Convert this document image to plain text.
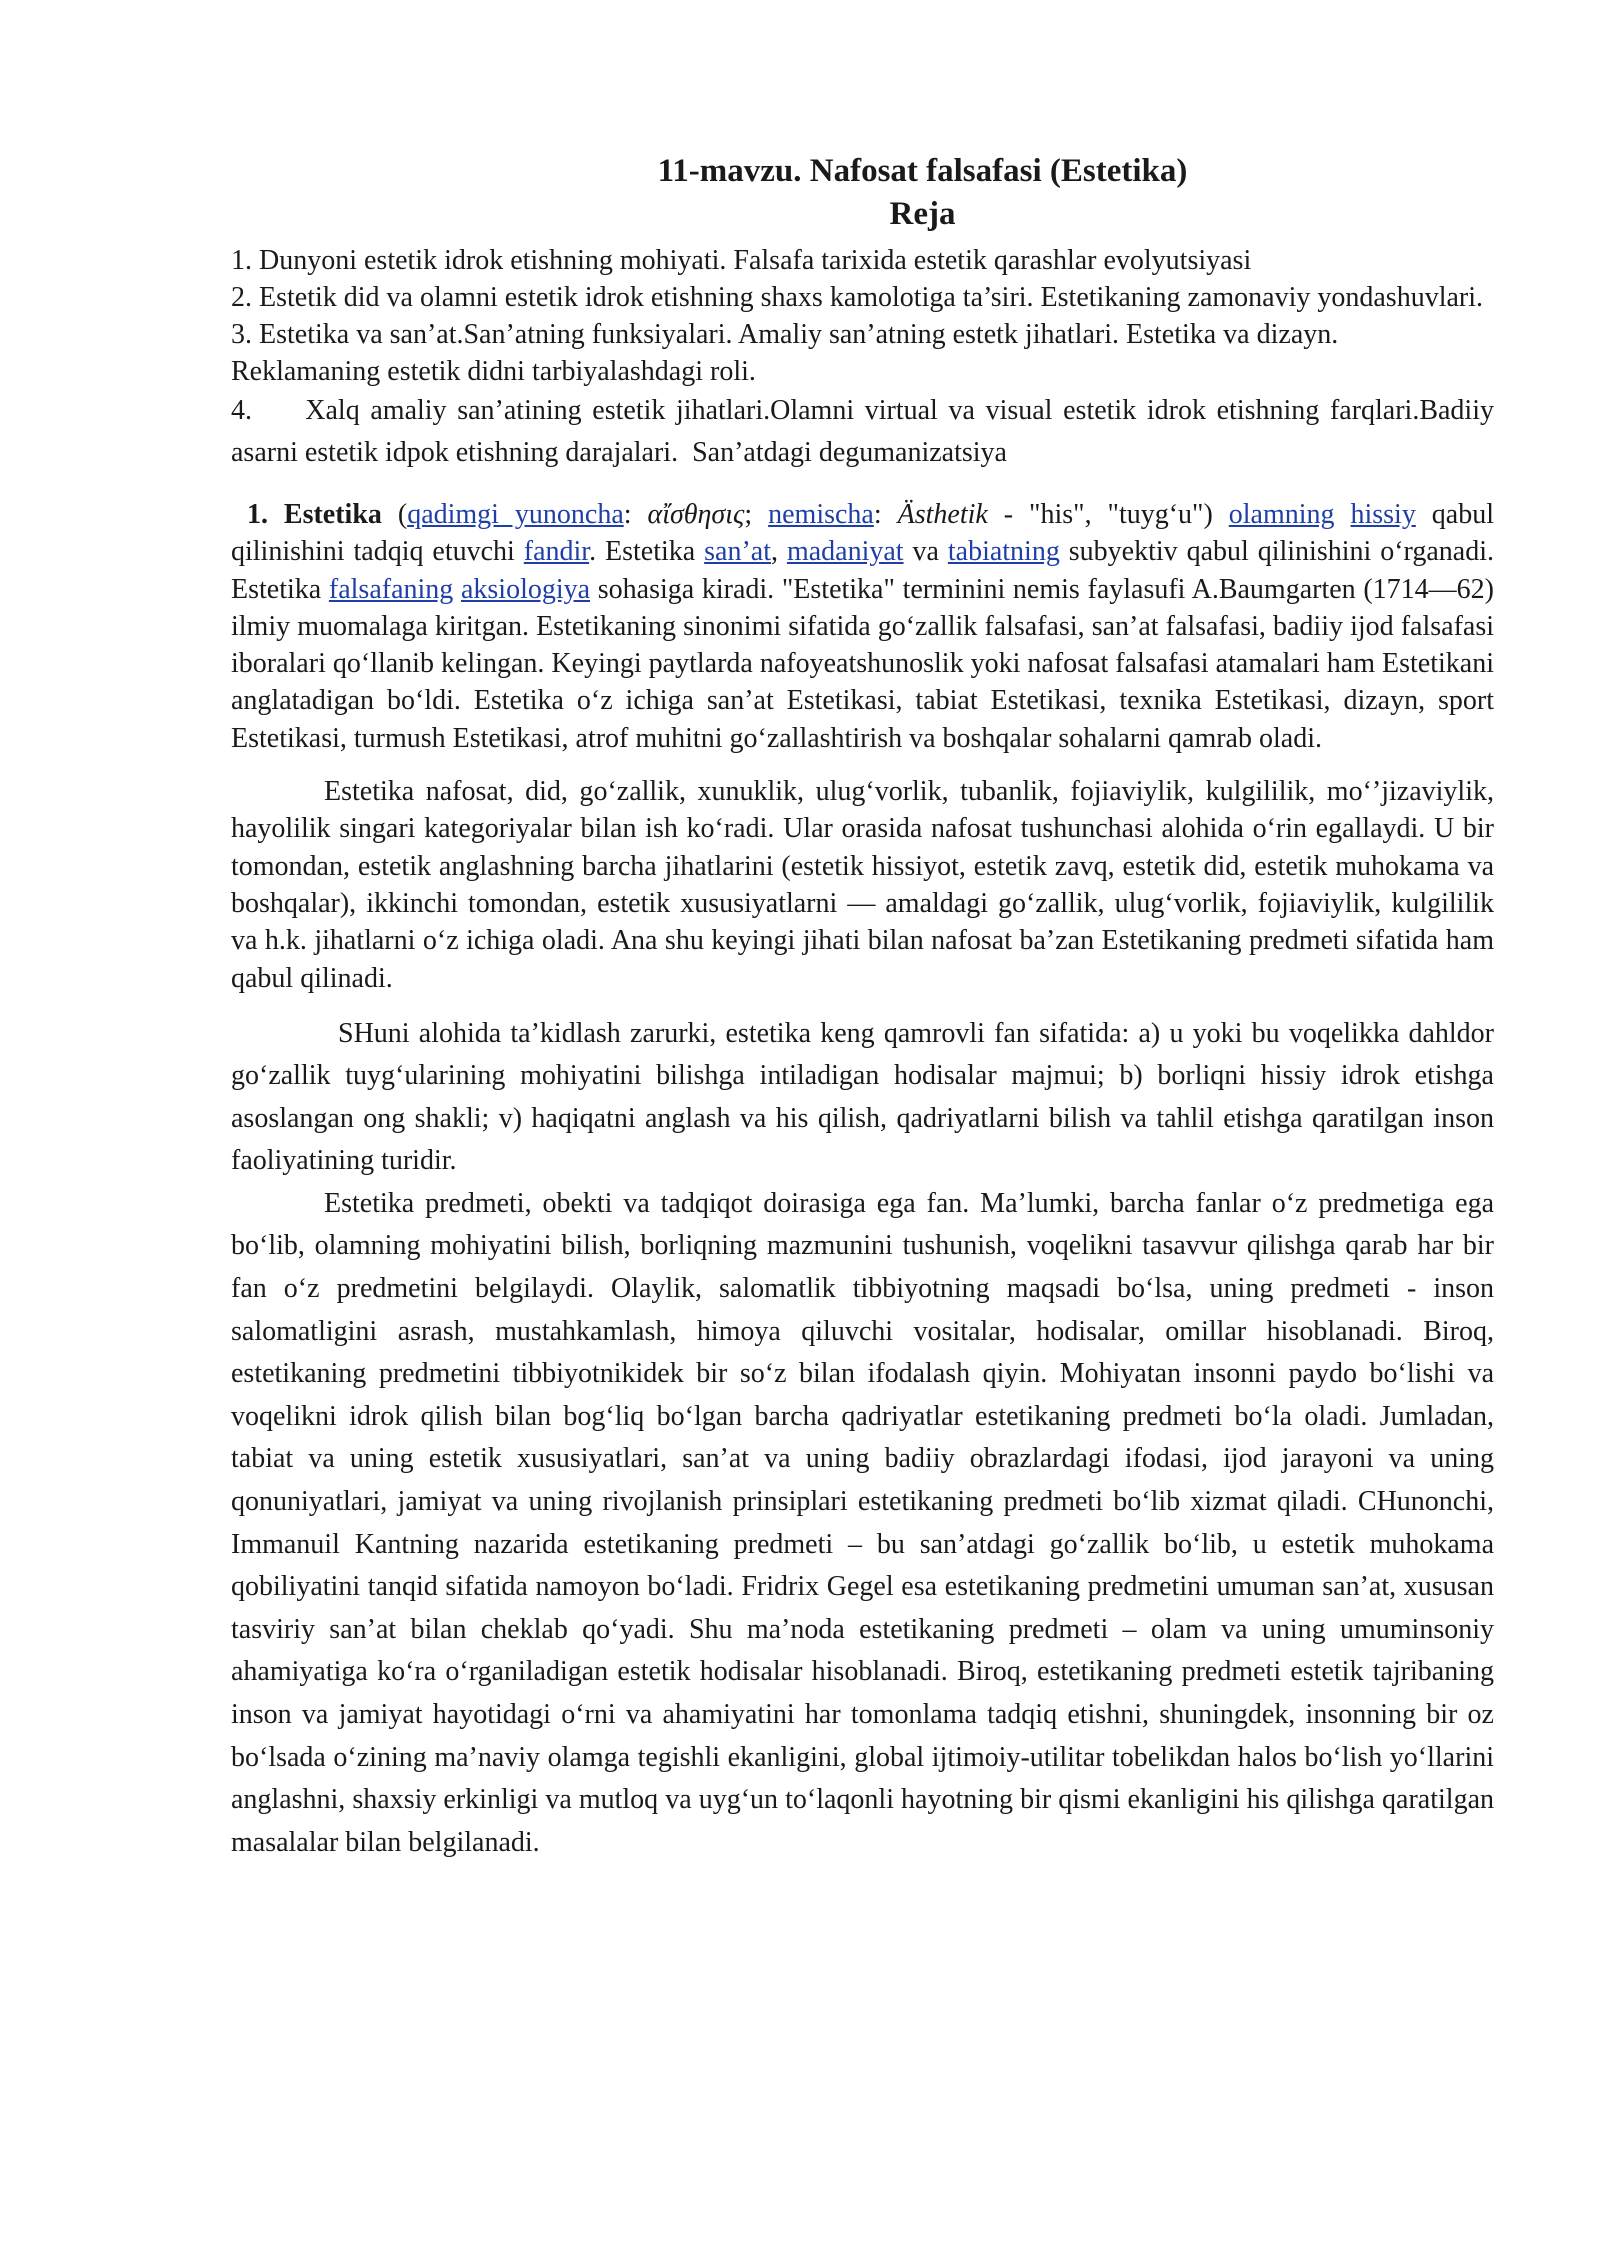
11-mavzu. Nafosat falsafasi (Estetika)
Reja

1. Dunyoni estetik idrok etishning mohiyati. Falsafa tarixida estetik qarashlar evolyutsiyasi

2. Estetik did va olamni estetik idrok etishning shaxs kamolotiga ta’siri. Estetikaning zamonaviy yondashuvlari.

3. Estetika va san’at.San’atning funksiyalari. Amaliy san’atning estetk jihatlari. Estetika va dizayn. Reklamaning estetik didni tarbiyalashdagi roli.

4.     Xalq amaliy san’atining estetik jihatlari.Olamni virtual va visual estetik idrok etishning farqlari.Badiiy asarni estetik idpok etishning darajalari.  San’atdagi degumanizatsiya

1. Estetika (qadimgi yunoncha: αἴσθησις; nemischa: Ästhetik - "his", "tuyg‘u") olamning hissiy qabul qilinishini tadqiq etuvchi fandir. Estetika san’at, madaniyat va tabiatning subyektiv qabul qilinishini o‘rganadi. Estetika falsafaning aksiologiya sohasiga kiradi. "Estetika" terminini nemis faylasufi A.Baumgarten (1714—62) ilmiy muomalaga kiritgan. Estetikaning sinonimi sifatida go‘zallik falsafasi, san’at falsafasi, badiiy ijod falsafasi iboralari qo‘llanib kelingan. Keyingi paytlarda nafoyeatshunoslik yoki nafosat falsafasi atamalari ham Estetikani anglatadigan bo‘ldi. Estetika o‘z ichiga san’at Estetikasi, tabiat Estetikasi, texnika Estetikasi, dizayn, sport Estetikasi, turmush Estetikasi, atrof muhitni go‘zallashtirish va boshqalar sohalarni qamrab oladi.

Estetika nafosat, did, go‘zallik, xunuklik, ulug‘vorlik, tubanlik, fojiaviylik, kulgililik, mo‘’jizaviylik, hayolilik singari kategoriyalar bilan ish ko‘radi. Ular orasida nafosat tushunchasi alohida o‘rin egallaydi. U bir tomondan, estetik anglashning barcha jihatlarini (estetik hissiyot, estetik zavq, estetik did, estetik muhokama va boshqalar), ikkinchi tomondan, estetik xususiyatlarni — amaldagi go‘zallik, ulug‘vorlik, fojiaviylik, kulgililik va h.k. jihatlarni o‘z ichiga oladi. Ana shu keyingi jihati bilan nafosat ba’zan Estetikaning predmeti sifatida ham qabul qilinadi.

SHuni alohida ta’kidlash zarurki, estetika keng qamrovli fan sifatida: a) u yoki bu voqelikka dahldor go‘zallik tuyg‘ularining mohiyatini bilishga intiladigan hodisalar majmui; b) borliqni hissiy idrok etishga asoslangan ong shakli; v) haqiqatni anglash va his qilish, qadriyatlarni bilish va tahlil etishga qaratilgan inson faoliyatining turidir.

Estetika predmeti, obekti va tadqiqot doirasiga ega fan. Ma’lumki, barcha fanlar o‘z predmetiga ega bo‘lib, olamning mohiyatini bilish, borliqning mazmunini tushunish, voqelikni tasavvur qilishga qarab har bir fan o‘z predmetini belgilaydi. Olaylik, salomatlik tibbiyotning maqsadi bo‘lsa, uning predmeti - inson salomatligini asrash, mustahkamlash, himoya qiluvchi vositalar, hodisalar, omillar hisoblanadi. Biroq, estetikaning predmetini tibbiyotnikidek bir so‘z bilan ifodalash qiyin. Mohiyatan insonni paydo bo‘lishi va voqelikni idrok qilish bilan bog‘liq bo‘lgan barcha qadriyatlar estetikaning predmeti bo‘la oladi. Jumladan, tabiat va uning estetik xususiyatlari, san’at va uning badiiy obrazlardagi ifodasi, ijod jarayoni va uning qonuniyatlari, jamiyat va uning rivojlanish prinsiplari estetikaning predmeti bo‘lib xizmat qiladi. CHunonchi, Immanuil Kantning nazarida estetikaning predmeti – bu san’atdagi go‘zallik bo‘lib, u estetik muhokama qobiliyatini tanqid sifatida namoyon bo‘ladi. Fridrix Gegel esa estetikaning predmetini umuman san’at, xususan tasviriy san’at bilan cheklab qo‘yadi. Shu ma’noda estetikaning predmeti – olam va uning umuminsoniy ahamiyatiga ko‘ra o‘rganiladigan estetik hodisalar hisoblanadi. Biroq, estetikaning predmeti estetik tajribaning inson va jamiyat hayotidagi o‘rni va ahamiyatini har tomonlama tadqiq etishni, shuningdek, insonning bir oz bo‘lsada o‘zining ma’naviy olamga tegishli ekanligini, global ijtimoiy-utilitar tobelikdan halos bo‘lish yo‘llarini anglashni, shaxsiy erkinligi va mutloq va uyg‘un to‘laqonli hayotning bir qismi ekanligini his qilishga qaratilgan masalalar bilan belgilanadi.
